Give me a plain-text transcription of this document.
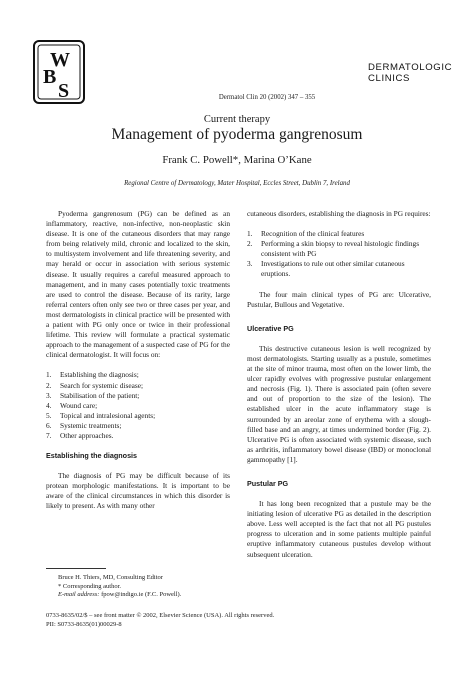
W
B
S
DERMATOLOGIC
CLINICS
Dermatol Clin 20 (2002) 347 – 355
Current therapy
Management of pyoderma gangrenosum
Frank C. Powell*, Marina O’Kane
Regional Centre of Dermatology, Mater Hospital, Eccles Street, Dublin 7, Ireland

Pyoderma gangrenosum (PG) can be defined as an inflammatory, reactive, non-infective, non-neoplastic skin disease. It is one of the cutaneous disorders that may range from being relatively mild, chronic and localized to the skin, to multisystem involvement and life threatening severity, and may herald or occur in association with serious systemic disease. It usually requires a careful measured approach to management, and in many cases potentially toxic treatments are used to control the disease. Because of its rarity, large referral centers often only see two or three cases per year, and most dermatologists in clinical practice will be presented with a patient with PG only once or twice in their professional lifetime. This review will formulate a practical systematic approach to the management of a suspected case of PG for the clinical dermatologist. It will focus on:

1.	Establishing the diagnosis;
2.	Search for systemic disease;
3.	Stabilisation of the patient;
4.	Wound care;
5.	Topical and intralesional agents;
6.	Systemic treatments;
7.	Other approaches.
Establishing the diagnosis

The diagnosis of PG may be difficult because of its protean morphologic manifestations. It is important to be aware of the clinical circumstances in which this disorder is likely to present. As with many other

cutaneous disorders, establishing the diagnosis in PG requires:

1.	Recognition of the clinical features
2.	Performing a skin biopsy to reveal histologic findings consistent with PG
3.	Investigations to rule out other similar cutaneous eruptions.

The four main clinical types of PG are: Ulcerative, Pustular, Bullous and Vegetative.

Ulcerative PG

This destructive cutaneous lesion is well recognized by most dermatologists. Starting usually as a pustule, sometimes at the site of minor trauma, most often on the lower limb, the ulcer rapidly evolves with progressive pustular enlargement and necrosis (Fig. 1). There is associated pain (often severe and out of proportion to the size of the lesion). The established ulcer in the acute inflammatory stage is surrounded by an areolar zone of erythema with a slough-filled base and an angry, at times undermined border (Fig. 2). Ulcerative PG is often associated with systemic disease, such as arthritis, inflammatory bowel disease (IBD) or monoclonal gammopathy [1].

Pustular PG

It has long been recognized that a pustule may be the initiating lesion of ulcerative PG as detailed in the description above. Less well accepted is the fact that not all PG pustules progress to ulceration and in some patients multiple painful eruptive inflammatory cutaneous pustules develop without subsequent ulceration.

Bruce H. Thiers, MD, Consulting Editor
* Corresponding author.
E-mail address: fpow@indigo.ie (F.C. Powell).
0733-8635/02/$ – see front matter © 2002, Elsevier Science (USA). All rights reserved.
PII: S0733-8635(01)00029-8
